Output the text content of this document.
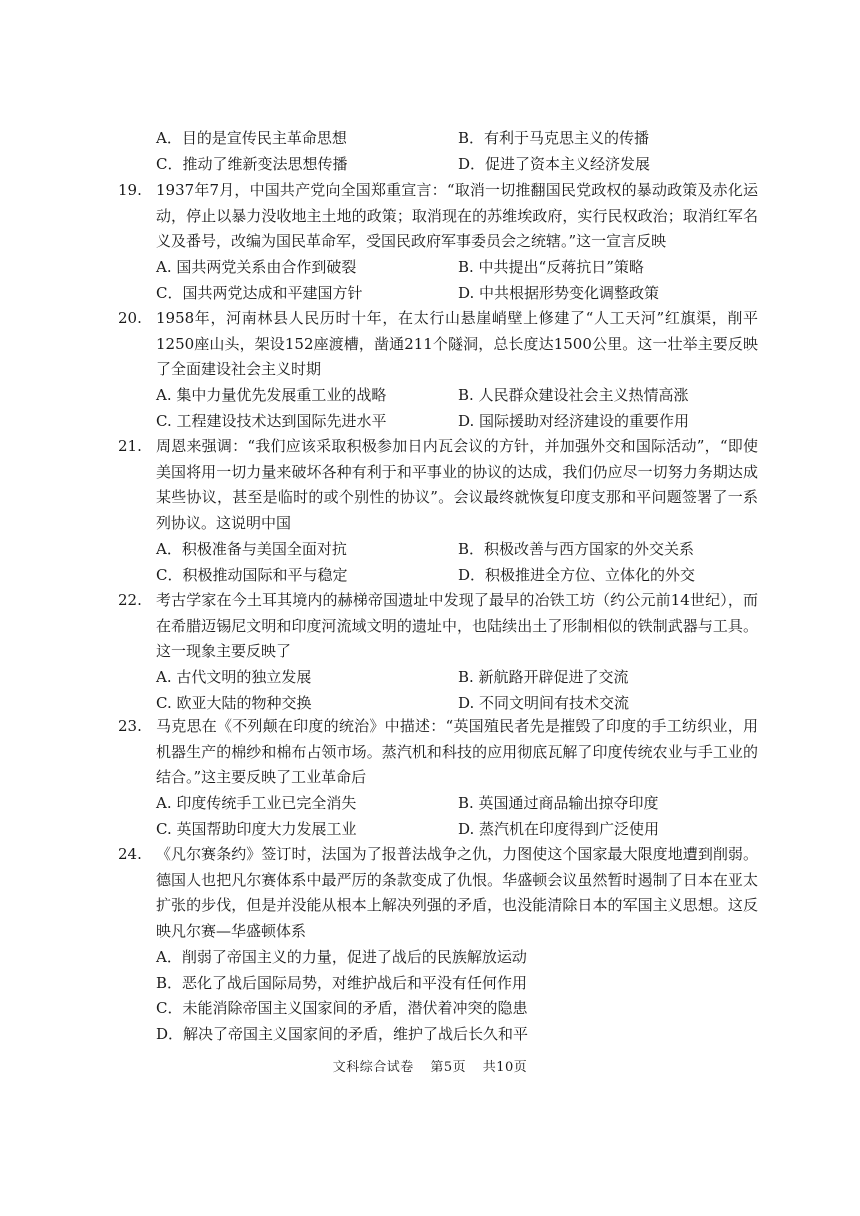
A．目的是宣传民主革命思想	B．有利于马克思主义的传播
C．推动了维新变法思想传播	D．促进了资本主义经济发展
19. 1937年7月，中国共产党向全国郑重宣言：“取消一切推翻国民党政权的暴动政策及赤化运动，停止以暴力没收地主土地的政策；取消现在的苏维埃政府，实行民权政治；取消红军名义及番号，改编为国民革命军，受国民政府军事委员会之统辖。”这一宣言反映
A. 国共两党关系由合作到破裂	B. 中共提出“反蒋抗日”策略
C．国共两党达成和平建国方针	D. 中共根据形势变化调整政策
20. 1958年，河南林县人民历时十年，在太行山悬崖峭壁上修建了“人工天河”红旗渠，削平1250座山头，架设152座渡槽，凿通211个隧洞，总长度达1500公里。这一壮举主要反映了全面建设社会主义时期
A. 集中力量优先发展重工业的战略	B. 人民群众建设社会主义热情高涨
C. 工程建设技术达到国际先进水平	D. 国际援助对经济建设的重要作用
21. 周恩来强调：“我们应该采取积极参加日内瓦会议的方针，并加强外交和国际活动”，“即使美国将用一切力量来破坏各种有利于和平事业的协议的达成，我们仍应尽一切努力务期达成某些协议，甚至是临时的或个别性的协议”。会议最终就恢复印度支那和平问题签署了一系列协议。这说明中国
A．积极准备与美国全面对抗	B．积极改善与西方国家的外交关系
C．积极推动国际和平与稳定	D．积极推进全方位、立体化的外交
22. 考古学家在今土耳其境内的赫梯帝国遗址中发现了最早的冶铁工坊（约公元前14世纪），而在希腊迈锡尼文明和印度河流域文明的遗址中，也陆续出土了形制相似的铁制武器与工具。这一现象主要反映了
A. 古代文明的独立发展	B. 新航路开辟促进了交流
C. 欧亚大陆的物种交换	D. 不同文明间有技术交流
23. 马克思在《不列颠在印度的统治》中描述：“英国殖民者先是摧毁了印度的手工纺织业，用机器生产的棉纱和棉布占领市场。蒸汽机和科技的应用彻底瓦解了印度传统农业与手工业的结合。”这主要反映了工业革命后
A. 印度传统手工业已完全消失	B. 英国通过商品输出掠夺印度
C. 英国帮助印度大力发展工业	D. 蒸汽机在印度得到广泛使用
24. 《凡尔赛条约》签订时，法国为了报普法战争之仇，力图使这个国家最大限度地遭到削弱。德国人也把凡尔赛体系中最严厉的条款变成了仇恨。华盛顿会议虽然暂时遏制了日本在亚太扩张的步伐，但是并没能从根本上解决列强的矛盾，也没能清除日本的军国主义思想。这反映凡尔赛—华盛顿体系
A．削弱了帝国主义的力量，促进了战后的民族解放运动
B．恶化了战后国际局势，对维护战后和平没有任何作用
C．未能消除帝国主义国家间的矛盾，潜伏着冲突的隐患
D．解决了帝国主义国家间的矛盾，维护了战后长久和平
文科综合试卷 第5页 共10页
